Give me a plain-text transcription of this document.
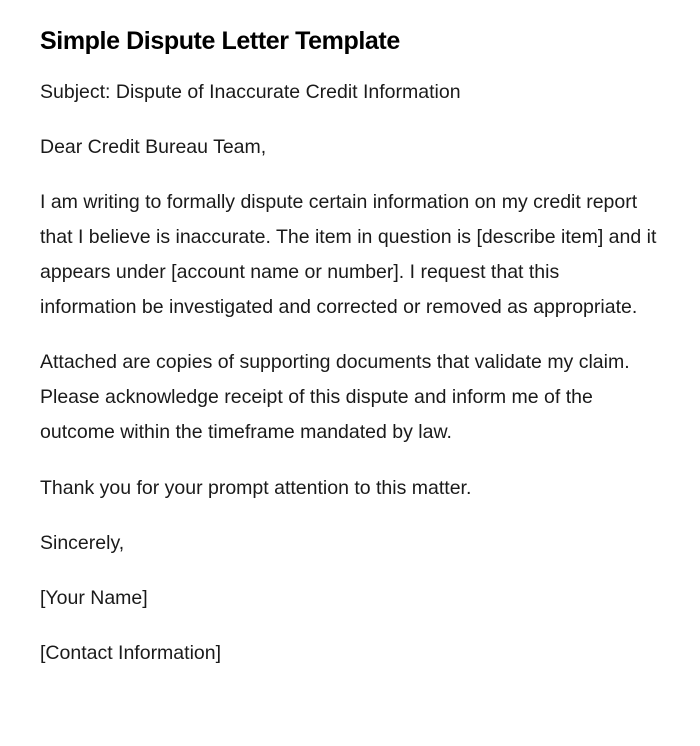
Simple Dispute Letter Template

Subject: Dispute of Inaccurate Credit Information

Dear Credit Bureau Team,

I am writing to formally dispute certain information on my credit report that I believe is inaccurate. The item in question is [describe item] and it appears under [account name or number]. I request that this information be investigated and corrected or removed as appropriate.

Attached are copies of supporting documents that validate my claim. Please acknowledge receipt of this dispute and inform me of the outcome within the timeframe mandated by law.

Thank you for your prompt attention to this matter.

Sincerely,

[Your Name]

[Contact Information]
